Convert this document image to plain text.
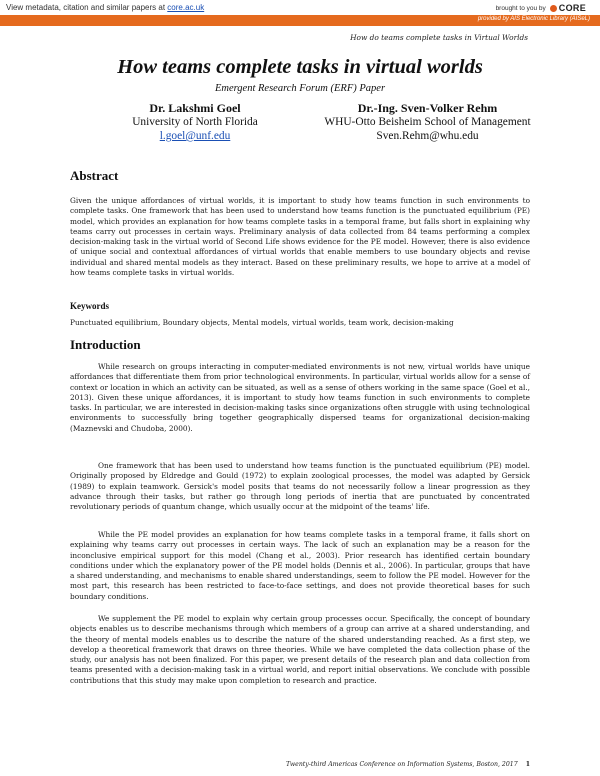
View metadata, citation and similar papers at core.ac.uk	brought to you by CORE
provided by AIS Electronic Library (AISeL)
How do teams complete tasks in Virtual Worlds
How teams complete tasks in virtual worlds
Emergent Research Forum (ERF) Paper
Dr. Lakshmi Goel
University of North Florida
l.goel@unf.edu
Dr.-Ing. Sven-Volker Rehm
WHU-Otto Beisheim School of Management
Sven.Rehm@whu.edu
Abstract

Given the unique affordances of virtual worlds, it is important to study how teams function in such environments to complete tasks. One framework that has been used to understand how teams function is the punctuated equilibrium (PE) model, which provides an explanation for how teams complete tasks in a temporal frame, but falls short in explaining why teams carry out processes in certain ways. Preliminary analysis of data collected from 84 teams performing a complex decision-making task in the virtual world of Second Life shows evidence for the PE model. However, there is also evidence of unique social and contextual affordances of virtual worlds that enable members to use boundary objects and revise individual and shared mental models as they interact. Based on these preliminary results, we hope to arrive at a model of how teams complete tasks in virtual worlds.

Keywords

Punctuated equilibrium, Boundary objects, Mental models, virtual worlds, team work, decision-making

Introduction

While research on groups interacting in computer-mediated environments is not new, virtual worlds have unique affordances that differentiate them from prior technological environments. In particular, virtual worlds allow for a sense of context or location in which an activity can be situated, as well as a sense of others working in the same space (Goel et al., 2013). Given these unique affordances, it is important to study how teams function in such environments to complete tasks. In particular, we are interested in decision-making tasks since organizations often struggle with using technological environments to successfully bring together geographically dispersed teams for organizational decision-making (Maznevski and Chudoba, 2000).

One framework that has been used to understand how teams function is the punctuated equilibrium (PE) model. Originally proposed by Eldredge and Gould (1972) to explain zoological processes, the model was adapted by Gersick (1989) to explain teamwork. Gersick's model posits that teams do not necessarily follow a linear progression as they advance through their tasks, but rather go through long periods of inertia that are punctuated by concentrated revolutionary periods of quantum change, which usually occur at the midpoint of the teams' life.

While the PE model provides an explanation for how teams complete tasks in a temporal frame, it falls short on explaining why teams carry out processes in certain ways. The lack of such an explanation may be a reason for the inconclusive empirical support for this model (Chang et al., 2003). Prior research has identified certain boundary conditions under which the explanatory power of the PE model holds (Dennis et al., 2006). In particular, groups that have a shared understanding, and mechanisms to enable shared understandings, seem to follow the PE model. However for the most part, this research has been restricted to face-to-face settings, and does not provide theoretical bases for such boundary conditions.

We supplement the PE model to explain why certain group processes occur. Specifically, the concept of boundary objects enables us to describe mechanisms through which members of a group can arrive at a shared understanding, and the theory of mental models enables us to describe the nature of the shared understanding reached. As a first step, we develop a theoretical framework that draws on three theories. While we have completed the data collection phase of the study, our analysis has not been finalized. For this paper, we present details of the research plan and data collection from teams presented with a decision-making task in a virtual world, and report initial observations. We conclude with possible contributions that this study may make upon completion to research and practice.

Twenty-third Americas Conference on Information Systems, Boston, 2017 1
